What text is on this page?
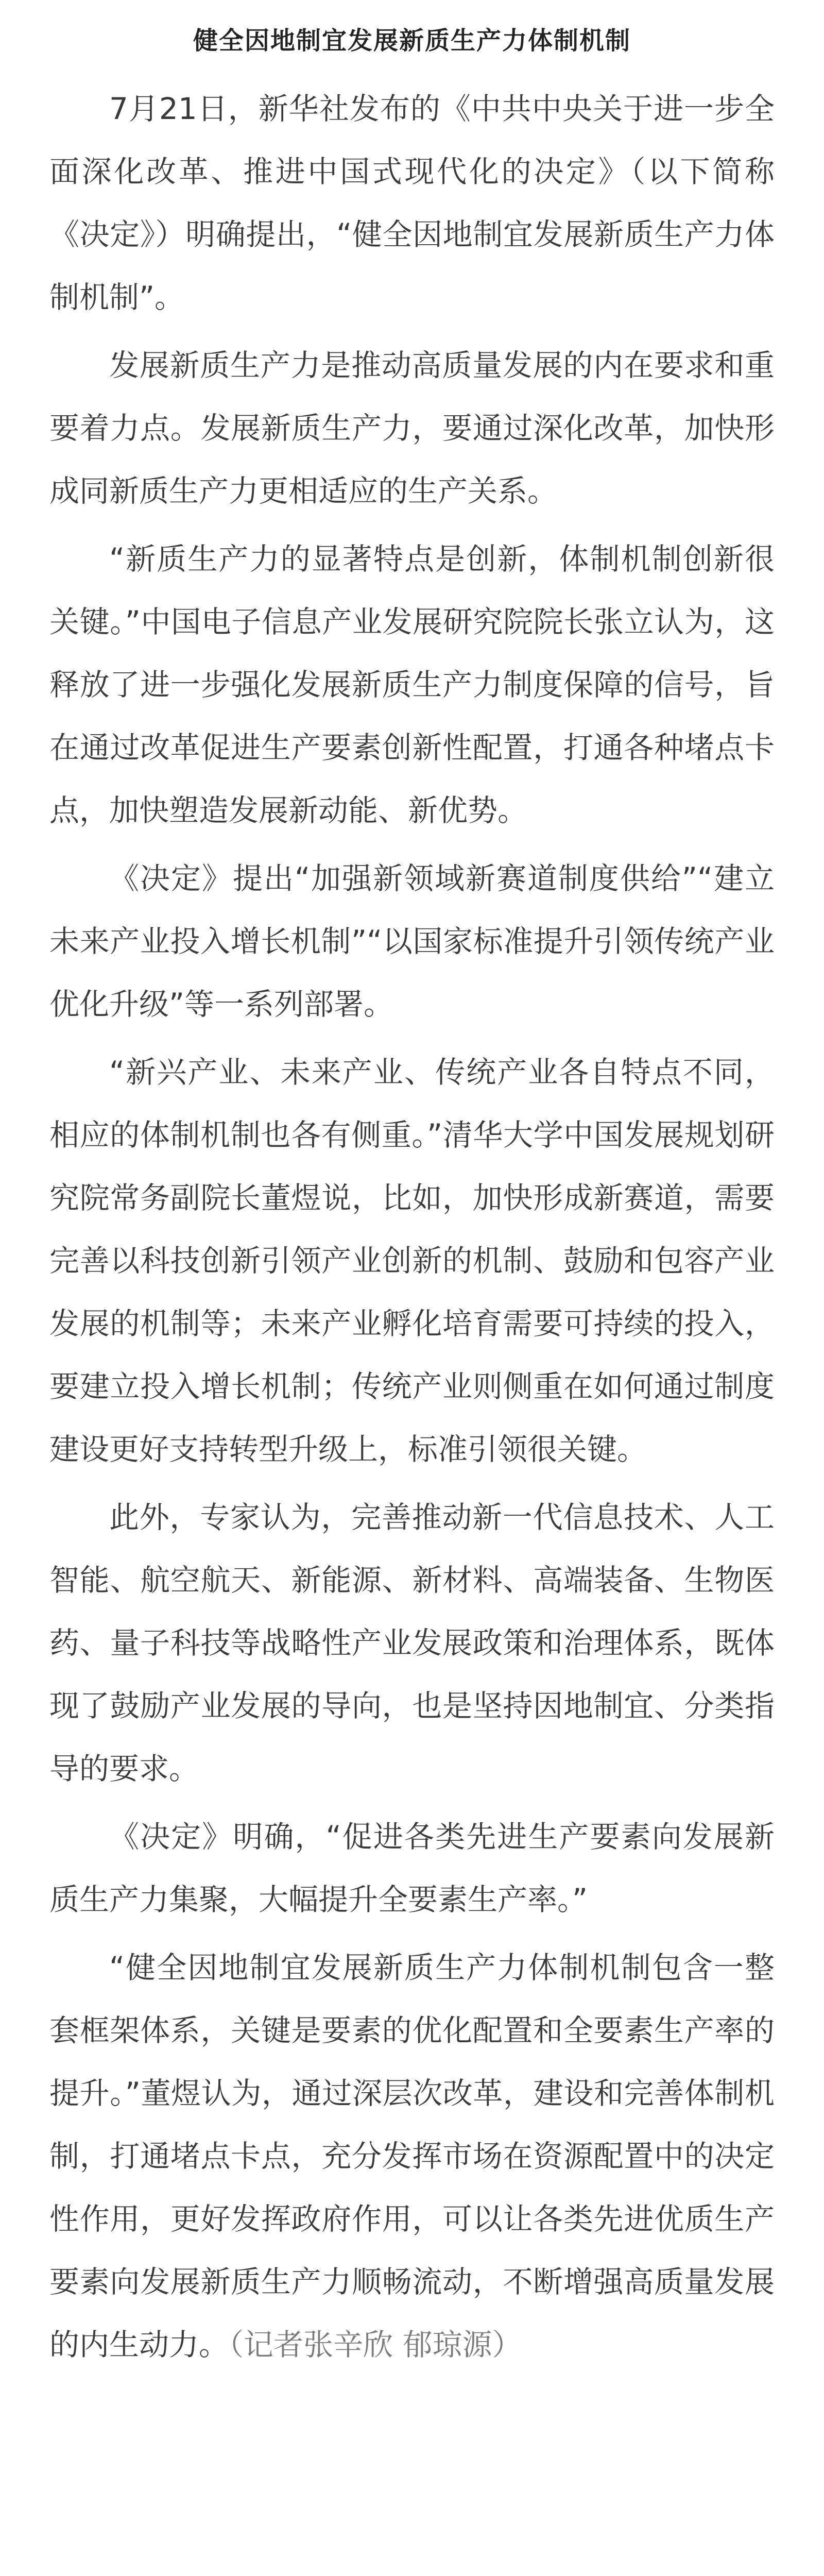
健全因地制宜发展新质生产力体制机制

7月21日，新华社发布的《中共中央关于进一步全面深化改革、推进中国式现代化的决定》（以下简称《决定》）明确提出，“健全因地制宜发展新质生产力体制机制”。

发展新质生产力是推动高质量发展的内在要求和重要着力点。发展新质生产力，要通过深化改革，加快形成同新质生产力更相适应的生产关系。

“新质生产力的显著特点是创新，体制机制创新很关键。”中国电子信息产业发展研究院院长张立认为，这释放了进一步强化发展新质生产力制度保障的信号，旨在通过改革促进生产要素创新性配置，打通各种堵点卡点，加快塑造发展新动能、新优势。

《决定》提出“加强新领域新赛道制度供给”“建立未来产业投入增长机制”“以国家标准提升引领传统产业优化升级”等一系列部署。

“新兴产业、未来产业、传统产业各自特点不同，相应的体制机制也各有侧重。”清华大学中国发展规划研究院常务副院长董煜说，比如，加快形成新赛道，需要完善以科技创新引领产业创新的机制、鼓励和包容产业发展的机制等；未来产业孵化培育需要可持续的投入，要建立投入增长机制；传统产业则侧重在如何通过制度建设更好支持转型升级上，标准引领很关键。

此外，专家认为，完善推动新一代信息技术、人工智能、航空航天、新能源、新材料、高端装备、生物医药、量子科技等战略性产业发展政策和治理体系，既体现了鼓励产业发展的导向，也是坚持因地制宜、分类指导的要求。

《决定》明确，“促进各类先进生产要素向发展新质生产力集聚，大幅提升全要素生产率。”

“健全因地制宜发展新质生产力体制机制包含一整套框架体系，关键是要素的优化配置和全要素生产率的提升。”董煜认为，通过深层次改革，建设和完善体制机制，打通堵点卡点，充分发挥市场在资源配置中的决定性作用，更好发挥政府作用，可以让各类先进优质生产要素向发展新质生产力顺畅流动，不断增强高质量发展的内生动力。（记者张辛欣 郁琼源）
